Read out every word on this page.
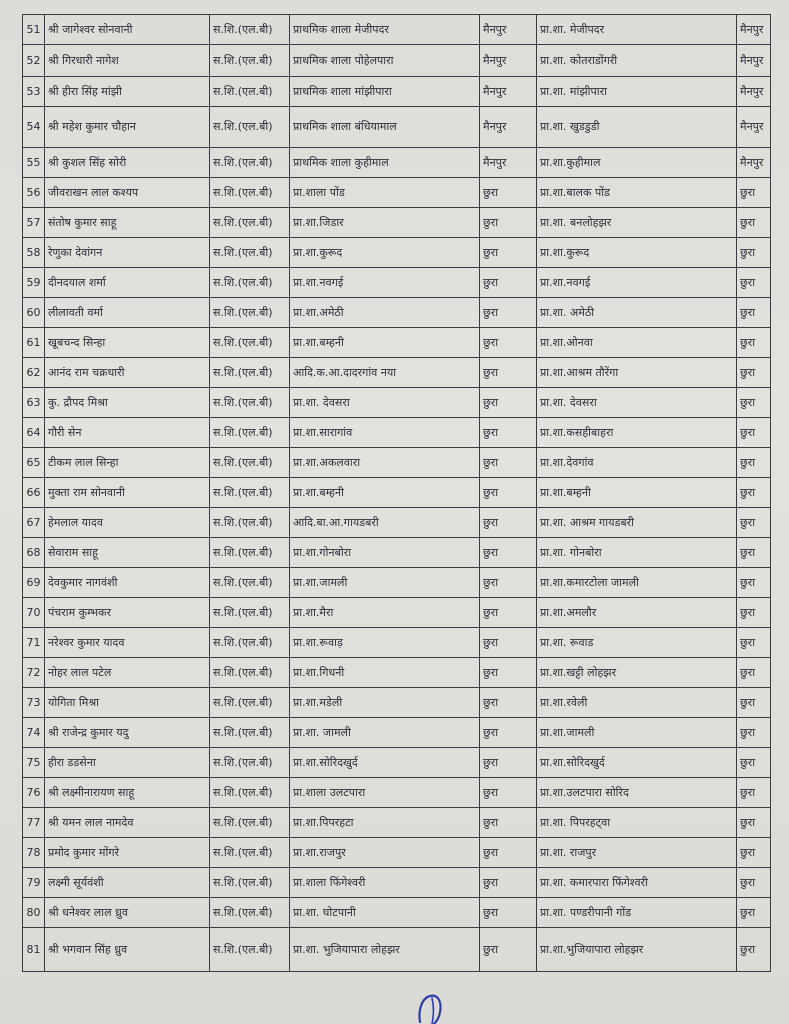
51	श्री जागेश्वर सोनवानी	स.शि.(एल.बी)	प्राथमिक शाला मेजीपदर	मैनपुर	प्रा.शा. मेजीपदर	मैनपुर
52	श्री गिरधारी नागेश	स.शि.(एल.बी)	प्राथमिक शाला पोहेलपारा	मैनपुर	प्रा.शा. कोतराडोंगरी	मैनपुर
53	श्री हीरा सिंह मांझी	स.शि.(एल.बी)	प्राथमिक शाला मांझीपारा	मैनपुर	प्रा.शा. मांझीपारा	मैनपुर
54	श्री महेश कुमार चौहान	स.शि.(एल.बी)	प्राथमिक शाला बंधियामाल	मैनपुर	प्रा.शा. खुडडुडी	मैनपुर
55	श्री कुशल सिंह सोरी	स.शि.(एल.बी)	प्राथमिक शाला कुहीमाल	मैनपुर	प्रा.शा.कुहीमाल	मैनपुर
56	जीवराखन लाल कश्यप	स.शि.(एल.बी)	प्रा.शाला पोंड	छुरा	प्रा.शा.बालक पोंड	छुरा
57	संतोष कुमार साहू	स.शि.(एल.बी)	प्रा.शा.जिडार	छुरा	प्रा.शा. बनलोहझर	छुरा
58	रेणुका देवांगन	स.शि.(एल.बी)	प्रा.शा.कुरूद	छुरा	प्रा.शा.कुरूद	छुरा
59	दीनदयाल शर्मा	स.शि.(एल.बी)	प्रा.शा.नवगई	छुरा	प्रा.शा.नवगई	छुरा
60	लीलावती वर्मा	स.शि.(एल.बी)	प्रा.शा.अमेठी	छुरा	प्रा.शा. अमेठी	छुरा
61	खूबचन्द सिन्हा	स.शि.(एल.बी)	प्रा.शा.बम्हनी	छुरा	प्रा.शा.ओनवा	छुरा
62	आनंद राम चक्रधारी	स.शि.(एल.बी)	आदि.क.आ.दादरगांव नया	छुरा	प्रा.शा.आश्रम तौरेंगा	छुरा
63	कु. द्रौपद मिश्रा	स.शि.(एल.बी)	प्रा.शा. देवसरा	छुरा	प्रा.शा. देवसरा	छुरा
64	गौरी सेन	स.शि.(एल.बी)	प्रा.शा.सारागांव	छुरा	प्रा.शा.कसहीबाहरा	छुरा
65	टीकम लाल सिन्हा	स.शि.(एल.बी)	प्रा.शा.अकलवारा	छुरा	प्रा.शा.देवगांव	छुरा
66	मुक्ता राम सोनवानी	स.शि.(एल.बी)	प्रा.शा.बम्हनी	छुरा	प्रा.शा.बम्हनी	छुरा
67	हेमलाल यादव	स.शि.(एल.बी)	आदि.बा.आ.गायडबरी	छुरा	प्रा.शा. आश्रम गायडबरी	छुरा
68	सेवाराम साहू	स.शि.(एल.बी)	प्रा.शा.गोनबोरा	छुरा	प्रा.शा. गोनबोरा	छुरा
69	देवकुमार नागवंशी	स.शि.(एल.बी)	प्रा.शा.जामली	छुरा	प्रा.शा.कमारटोला जामली	छुरा
70	पंचराम कुम्भकर	स.शि.(एल.बी)	प्रा.शा.मैरा	छुरा	प्रा.शा.अमलौर	छुरा
71	नरेश्वर कुमार यादव	स.शि.(एल.बी)	प्रा.शा.रूवाड़	छुरा	प्रा.शा. रूवाड	छुरा
72	नोहर लाल पटेल	स.शि.(एल.बी)	प्रा.शा.गिधनी	छुरा	प्रा.शा.खट्टी लोहझर	छुरा
73	योगिता मिश्रा	स.शि.(एल.बी)	प्रा.शा.मडेली	छुरा	प्रा.शा.रवेली	छुरा
74	श्री राजेन्द्र कुमार यदु	स.शि.(एल.बी)	प्रा.शा. जामली	छुरा	प्रा.शा.जामली	छुरा
75	हीरा डडसेना	स.शि.(एल.बी)	प्रा.शा.सोरिदखुर्द	छुरा	प्रा.शा.सोरिदखुर्द	छुरा
76	श्री लक्ष्मीनारायण साहू	स.शि.(एल.बी)	प्रा.शाला उलटपारा	छुरा	प्रा.शा.उलटपारा सोरिद	छुरा
77	श्री यमन लाल नामदेव	स.शि.(एल.बी)	प्रा.शा.पिपरहटा	छुरा	प्रा.शा. पिपरहट्वा	छुरा
78	प्रमोद कुमार मोंगरे	स.शि.(एल.बी)	प्रा.शा.राजपुर	छुरा	प्रा.शा. राजपुर	छुरा
79	लक्ष्मी सूर्यवंशी	स.शि.(एल.बी)	प्रा.शाला फिंगेश्वरी	छुरा	प्रा.शा. कमारपारा फिंगेश्वरी	छुरा
80	श्री धनेश्वर लाल ध्रुव	स.शि.(एल.बी)	प्रा.शा. घोटपानी	छुरा	प्रा.शा. पण्डरीपानी गोंड	छुरा
81	श्री भगवान सिंह ध्रुव	स.शि.(एल.बी)	प्रा.शा. भुजियापारा लोहझर	छुरा	प्रा.शा.भुजियापारा लोहझर	छुरा
